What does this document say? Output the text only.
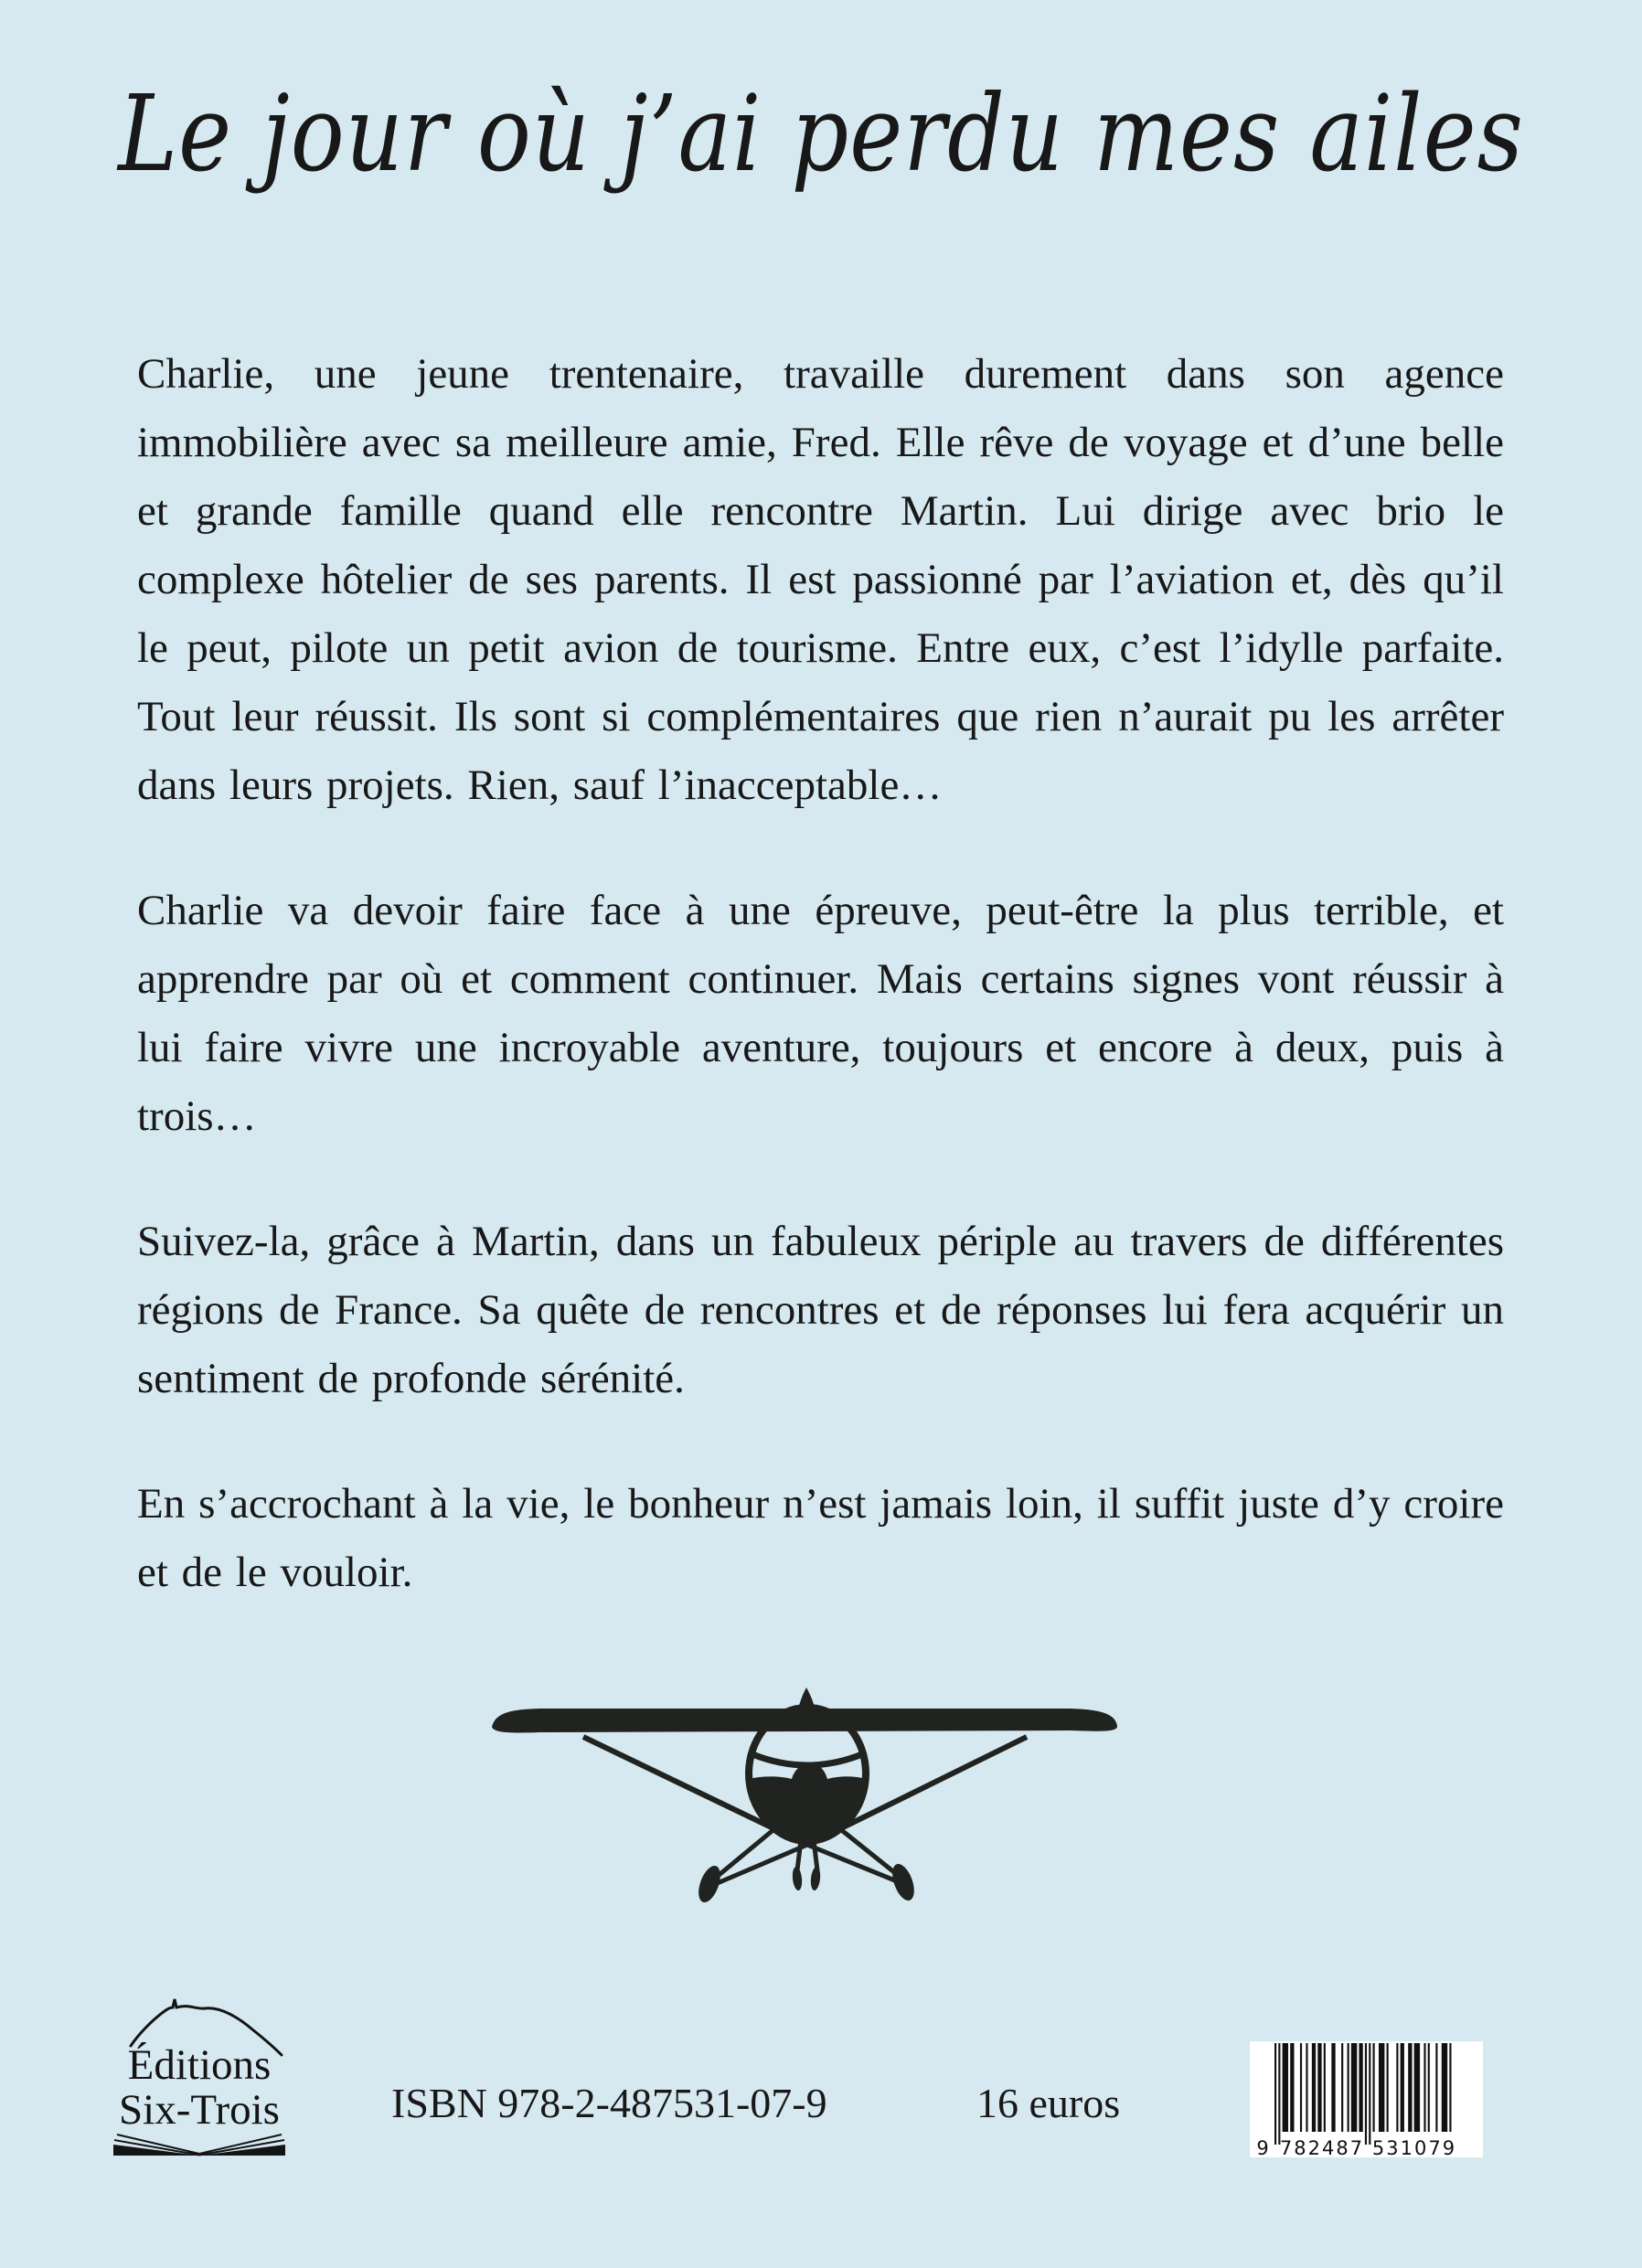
Le jour où j’ai perdu mes ailes

Charlie, une jeune trentenaire, travaille durement dans son agence immobilière avec sa meilleure amie, Fred. Elle rêve de voyage et d’une belle et grande famille quand elle rencontre Martin. Lui dirige avec brio le complexe hôtelier de ses parents. Il est passionné par l’aviation et, dès qu’il le peut, pilote un petit avion de tourisme. Entre eux, c’est l’idylle parfaite. Tout leur réussit. Ils sont si complémentaires que rien n’aurait pu les arrêter dans leurs projets. Rien, sauf l’inacceptable…

Charlie va devoir faire face à une épreuve, peut-être la plus terrible, et apprendre par où et comment continuer. Mais certains signes vont réussir à lui faire vivre une incroyable aventure, toujours et encore à deux, puis à trois…

Suivez-la, grâce à Martin, dans un fabuleux périple au travers de différentes régions de France. Sa quête de rencontres et de réponses lui fera acquérir un sentiment de profonde sérénité.

En s’accrochant à la vie, le bonheur n’est jamais loin, il suffit juste d’y croire et de le vouloir.

Éditions
Six-Trois	ISBN 978-2-487531-07-9	16 euros
9 782487 531079
